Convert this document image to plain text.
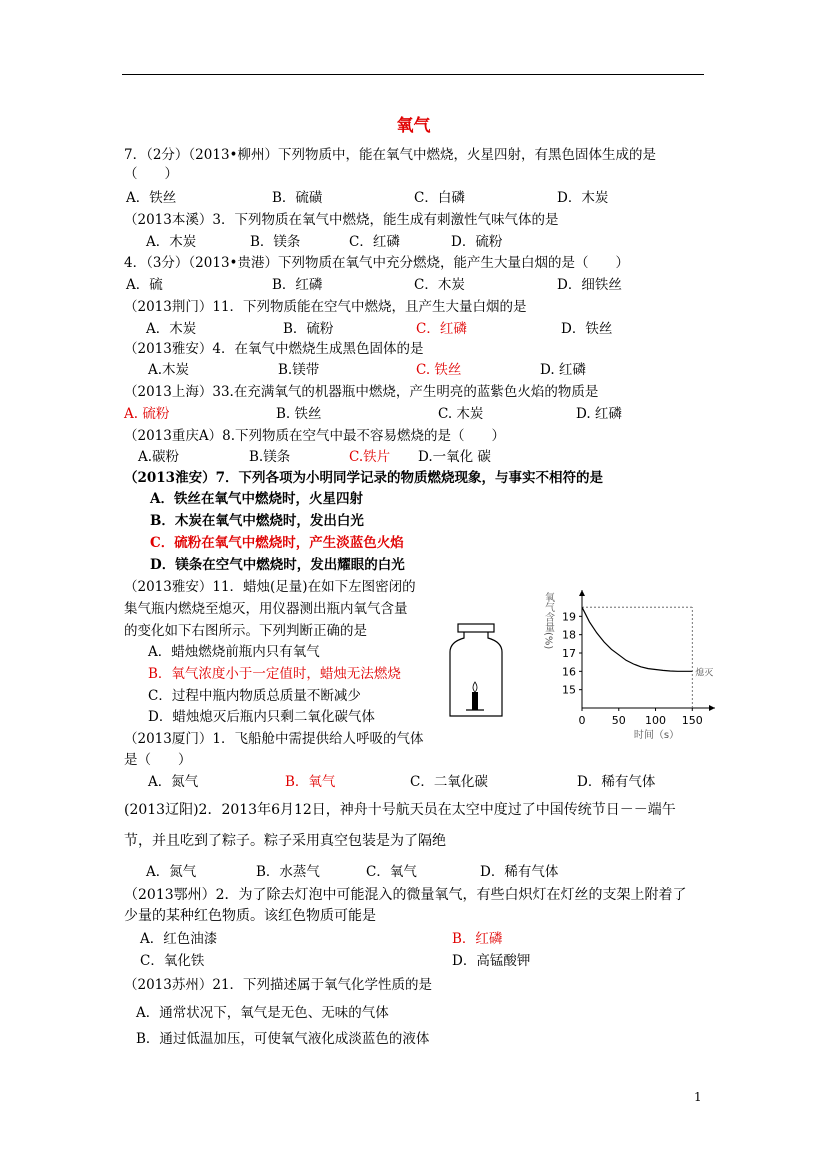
氧气
7．（2分）（2013•柳州）下列物质中，能在氧气中燃烧，火星四射，有黑色固体生成的是
（　　）
A．铁丝	B．硫磺	C．白磷	D．木炭
（2013本溪）3．下列物质在氧气中燃烧，能生成有刺激性气味气体的是
A．木炭	B．镁条	C．红磷	D．硫粉
4．（3分）（2013•贵港）下列物质在氧气中充分燃烧，能产生大量白烟的是（　　）
A．硫	B．红磷	C．木炭	D．细铁丝
（2013荆门）11．下列物质能在空气中燃烧，且产生大量白烟的是
A．木炭	B．硫粉	C．红磷	D．铁丝
（2013雅安）4．在氧气中燃烧生成黑色固体的是
A.木炭	B.镁带	C. 铁丝	D. 红磷
（2013上海）33.在充满氧气的机器瓶中燃烧，产生明亮的蓝紫色火焰的物质是
A. 硫粉	B. 铁丝	C. 木炭	D. 红磷
（2013重庆A）8.下列物质在空气中最不容易燃烧的是（　　）
A.碳粉	B.镁条	C.铁片 D.一氧化 碳
（2013淮安）7．下列各项为小明同学记录的物质燃烧现象，与事实不相符的是
A．铁丝在氧气中燃烧时，火星四射
B．木炭在氧气中燃烧时，发出白光
C．硫粉在氧气中燃烧时，产生淡蓝色火焰
D．镁条在空气中燃烧时，发出耀眼的白光
（2013雅安）11．蜡烛(足量)在如下左图密闭的
集气瓶内燃烧至熄灭，用仪器测出瓶内氧气含量
的变化如下右图所示。下列判断正确的是
A．蜡烛燃烧前瓶内只有氧气
B．氧气浓度小于一定值时，蜡烛无法燃烧
C．过程中瓶内物质总质量不断减少
D．蜡烛熄灭后瓶内只剩二氧化碳气体
15
16
17
18
19
0 50 100 150
熄灭
氧气含量(%)
时间（s）
（2013厦门）1．飞船舱中需提供给人呼吸的气体
是（　　）
A．氮气	B．氧气	C．二氧化碳	D．稀有气体
(2013辽阳)2．2013年6月12日，神舟十号航天员在太空中度过了中国传统节日－－端午
节，并且吃到了粽子。粽子采用真空包装是为了隔绝
A．氮气	B．水蒸气	C．氧气	D．稀有气体
（2013鄂州）2．为了除去灯泡中可能混入的微量氧气，有些白炽灯在灯丝的支架上附着了
少量的某种红色物质。该红色物质可能是
A．红色油漆	B．红磷
C．氧化铁	D．高锰酸钾
（2013苏州）21．下列描述属于氧气化学性质的是
A．通常状况下，氧气是无色、无味的气体
B．通过低温加压，可使氧气液化成淡蓝色的液体
1
